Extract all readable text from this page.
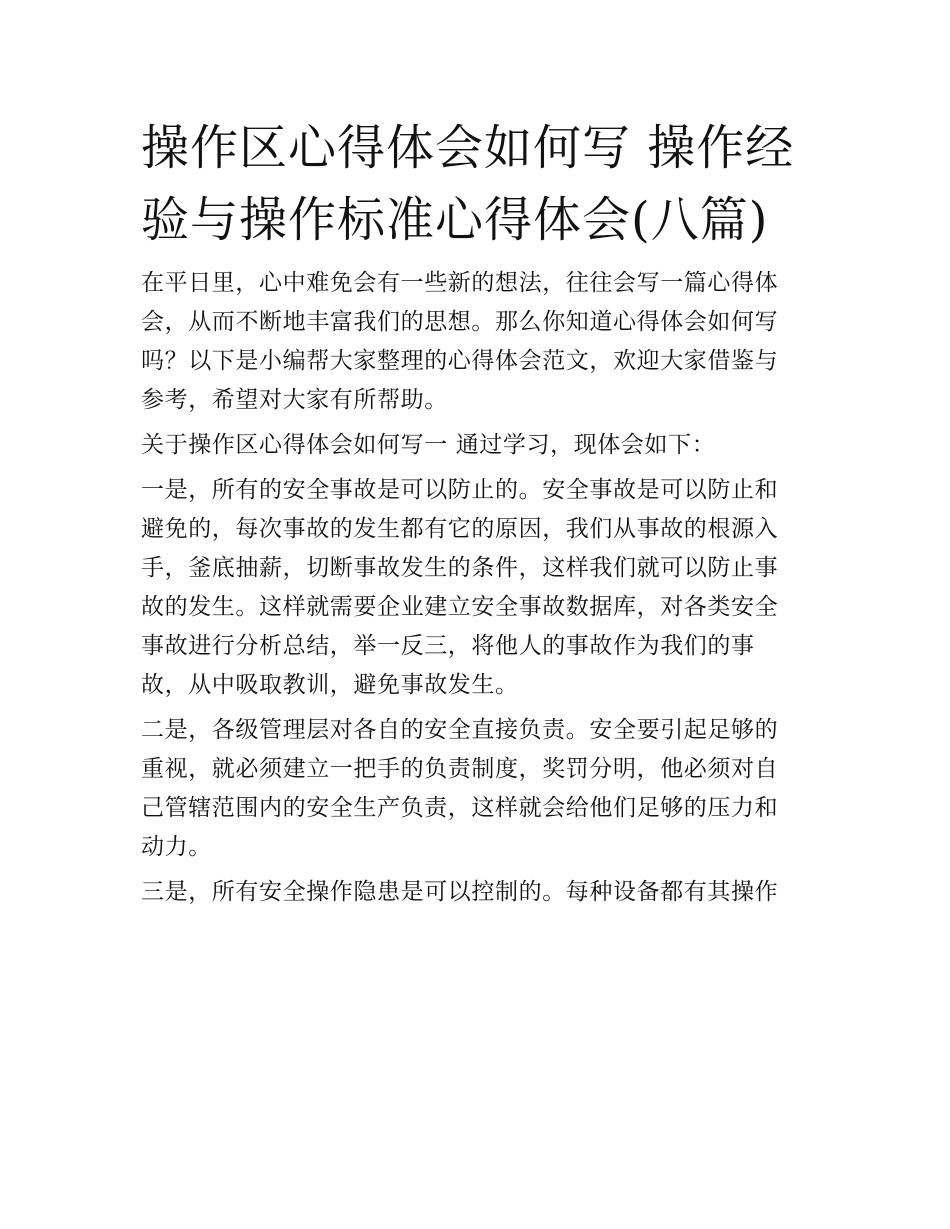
操作区心得体会如何写 操作经
验与操作标准心得体会(八篇)

在平日里，心中难免会有一些新的想法，往往会写一篇心得体
会，从而不断地丰富我们的思想。那么你知道心得体会如何写
吗？以下是小编帮大家整理的心得体会范文，欢迎大家借鉴与
参考，希望对大家有所帮助。

关于操作区心得体会如何写一 通过学习，现体会如下：

一是，所有的安全事故是可以防止的。安全事故是可以防止和
避免的，每次事故的发生都有它的原因，我们从事故的根源入
手，釜底抽薪，切断事故发生的条件，这样我们就可以防止事
故的发生。这样就需要企业建立安全事故数据库，对各类安全
事故进行分析总结，举一反三，将他人的事故作为我们的事
故，从中吸取教训，避免事故发生。

二是，各级管理层对各自的安全直接负责。安全要引起足够的
重视，就必须建立一把手的负责制度，奖罚分明，他必须对自
己管辖范围内的安全生产负责，这样就会给他们足够的压力和
动力。

三是，所有安全操作隐患是可以控制的。每种设备都有其操作
